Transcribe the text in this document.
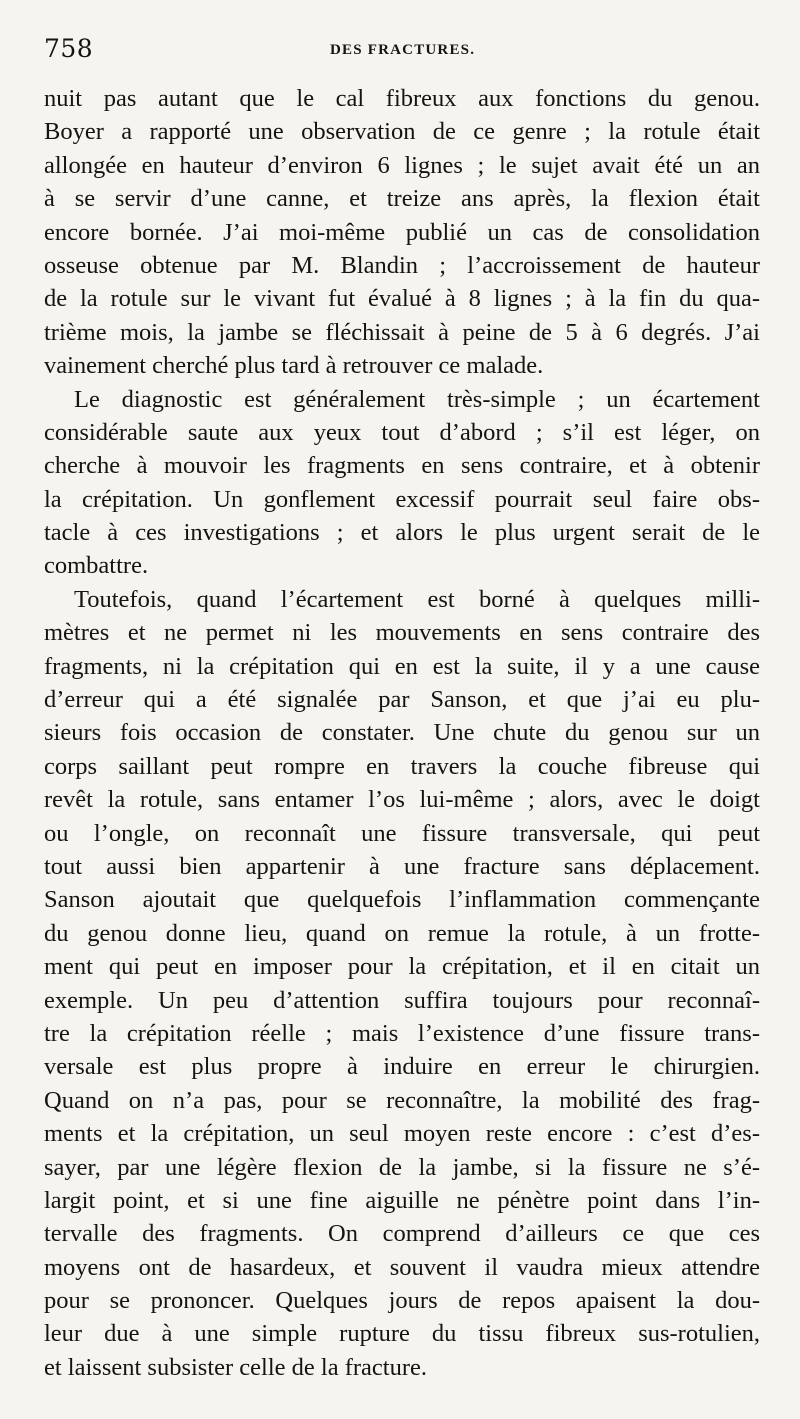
758	DES FRACTURES.
nuit pas autant que le cal fibreux aux fonctions du genou.
Boyer a rapporté une observation de ce genre ; la rotule était
allongée en hauteur d’environ 6 lignes ; le sujet avait été un an
à se servir d’une canne, et treize ans après, la flexion était
encore bornée. J’ai moi-même publié un cas de consolidation
osseuse obtenue par M. Blandin ; l’accroissement de hauteur
de la rotule sur le vivant fut évalué à 8 lignes ; à la fin du qua-
trième mois, la jambe se fléchissait à peine de 5 à 6 degrés. J’ai
vainement cherché plus tard à retrouver ce malade.
Le diagnostic est généralement très-simple ; un écartement
considérable saute aux yeux tout d’abord ; s’il est léger, on
cherche à mouvoir les fragments en sens contraire, et à obtenir
la crépitation. Un gonflement excessif pourrait seul faire obs-
tacle à ces investigations ; et alors le plus urgent serait de le
combattre.
Toutefois, quand l’écartement est borné à quelques milli-
mètres et ne permet ni les mouvements en sens contraire des
fragments, ni la crépitation qui en est la suite, il y a une cause
d’erreur qui a été signalée par Sanson, et que j’ai eu plu-
sieurs fois occasion de constater. Une chute du genou sur un
corps saillant peut rompre en travers la couche fibreuse qui
revêt la rotule, sans entamer l’os lui-même ; alors, avec le doigt
ou l’ongle, on reconnaît une fissure transversale, qui peut
tout aussi bien appartenir à une fracture sans déplacement.
Sanson ajoutait que quelquefois l’inflammation commençante
du genou donne lieu, quand on remue la rotule, à un frotte-
ment qui peut en imposer pour la crépitation, et il en citait un
exemple. Un peu d’attention suffira toujours pour reconnaî-
tre la crépitation réelle ; mais l’existence d’une fissure trans-
versale est plus propre à induire en erreur le chirurgien.
Quand on n’a pas, pour se reconnaître, la mobilité des frag-
ments et la crépitation, un seul moyen reste encore : c’est d’es-
sayer, par une légère flexion de la jambe, si la fissure ne s’é-
largit point, et si une fine aiguille ne pénètre point dans l’in-
tervalle des fragments. On comprend d’ailleurs ce que ces
moyens ont de hasardeux, et souvent il vaudra mieux attendre
pour se prononcer. Quelques jours de repos apaisent la dou-
leur due à une simple rupture du tissu fibreux sus-rotulien,
et laissent subsister celle de la fracture.
